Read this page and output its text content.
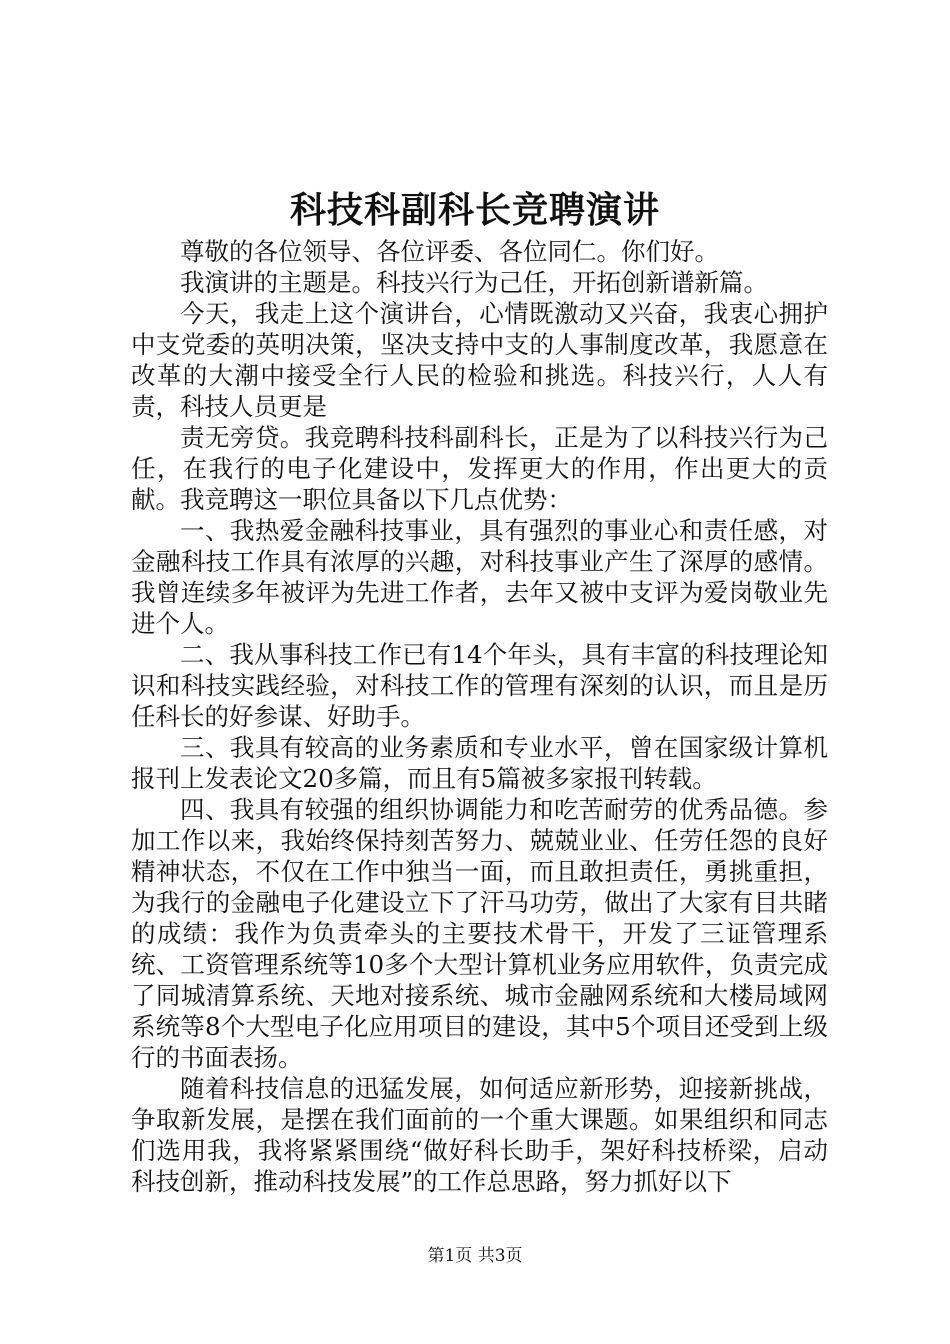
科技科副科长竞聘演讲

尊敬的各位领导、各位评委、各位同仁。你们好。

我演讲的主题是。科技兴行为己任，开拓创新谱新篇。

今天，我走上这个演讲台，心情既激动又兴奋，我衷心拥护中支党委的英明决策，坚决支持中支的人事制度改革，我愿意在改革的大潮中接受全行人民的检验和挑选。科技兴行，人人有责，科技人员更是

责无旁贷。我竞聘科技科副科长，正是为了以科技兴行为己任，在我行的电子化建设中，发挥更大的作用，作出更大的贡献。我竞聘这一职位具备以下几点优势：

一、我热爱金融科技事业，具有强烈的事业心和责任感，对金融科技工作具有浓厚的兴趣，对科技事业产生了深厚的感情。我曾连续多年被评为先进工作者，去年又被中支评为爱岗敬业先进个人。

二、我从事科技工作已有14个年头，具有丰富的科技理论知识和科技实践经验，对科技工作的管理有深刻的认识，而且是历任科长的好参谋、好助手。

三、我具有较高的业务素质和专业水平，曾在国家级计算机报刊上发表论文20多篇，而且有5篇被多家报刊转载。

四、我具有较强的组织协调能力和吃苦耐劳的优秀品德。参加工作以来，我始终保持刻苦努力、兢兢业业、任劳任怨的良好精神状态，不仅在工作中独当一面，而且敢担责任，勇挑重担，为我行的金融电子化建设立下了汗马功劳，做出了大家有目共睹的成绩：我作为负责牵头的主要技术骨干，开发了三证管理系统、工资管理系统等10多个大型计算机业务应用软件，负责完成了同城清算系统、天地对接系统、城市金融网系统和大楼局域网系统等8个大型电子化应用项目的建设，其中5个项目还受到上级行的书面表扬。

随着科技信息的迅猛发展，如何适应新形势，迎接新挑战，争取新发展，是摆在我们面前的一个重大课题。如果组织和同志们选用我，我将紧紧围绕“做好科长助手，架好科技桥梁，启动科技创新，推动科技发展”的工作总思路，努力抓好以下

第1页 共3页
